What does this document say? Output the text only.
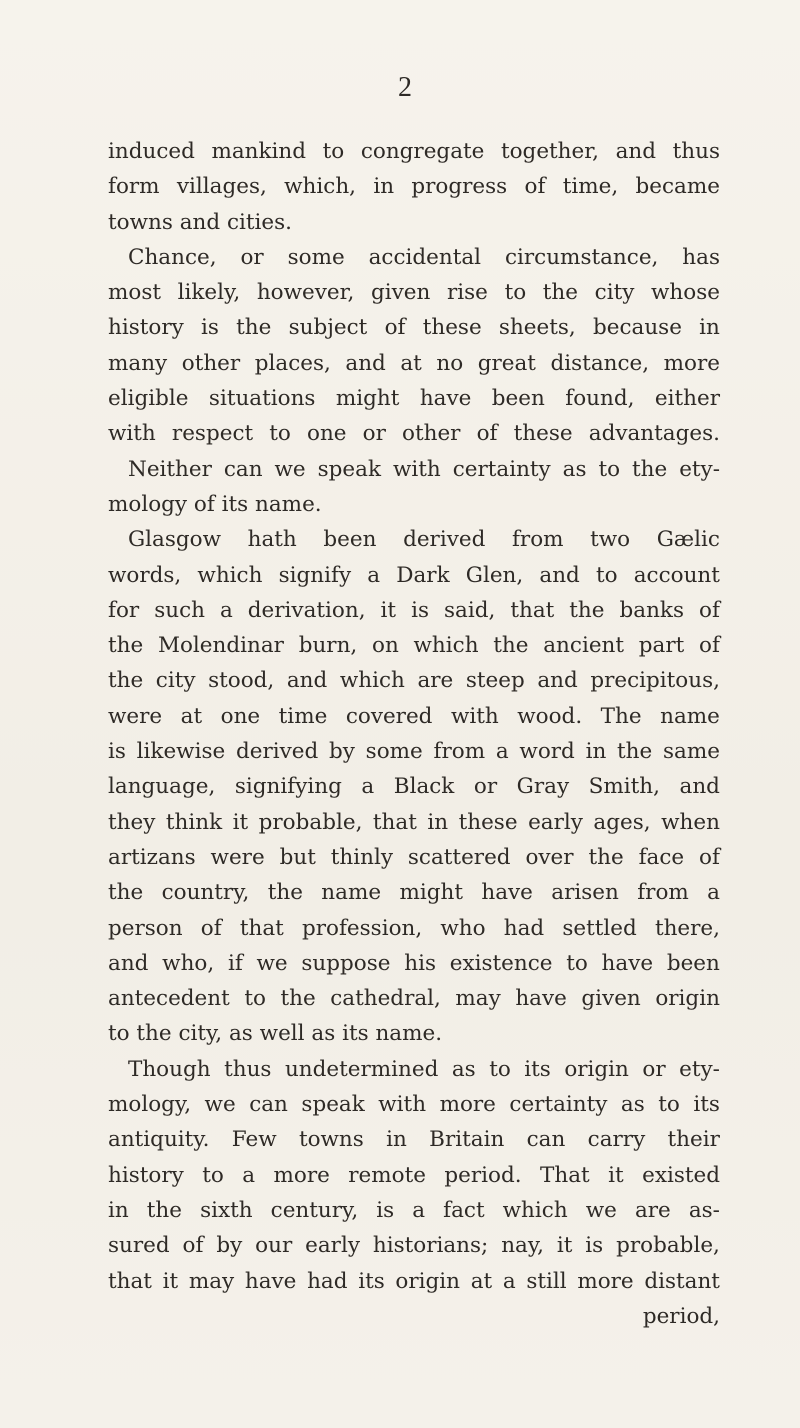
2
induced mankind to congregate together, and thus
form villages, which, in progress of time, became
towns and cities.
Chance, or some accidental circumstance, has
most likely, however, given rise to the city whose
history is the subject of these sheets, because in
many other places, and at no great distance, more
eligible situations might have been found, either
with respect to one or other of these advantages.
Neither can we speak with certainty as to the ety-
mology of its name.
Glasgow hath been derived from two Gælic
words, which signify a Dark Glen, and to account
for such a derivation, it is said, that the banks of
the Molendinar burn, on which the ancient part of
the city stood, and which are steep and precipitous,
were at one time covered with wood. The name
is likewise derived by some from a word in the same
language, signifying a Black or Gray Smith, and
they think it probable, that in these early ages, when
artizans were but thinly scattered over the face of
the country, the name might have arisen from a
person of that profession, who had settled there,
and who, if we suppose his existence to have been
antecedent to the cathedral, may have given origin
to the city, as well as its name.
Though thus undetermined as to its origin or ety-
mology, we can speak with more certainty as to its
antiquity. Few towns in Britain can carry their
history to a more remote period. That it existed
in the sixth century, is a fact which we are as-
sured of by our early historians; nay, it is probable,
that it may have had its origin at a still more distant
period,
